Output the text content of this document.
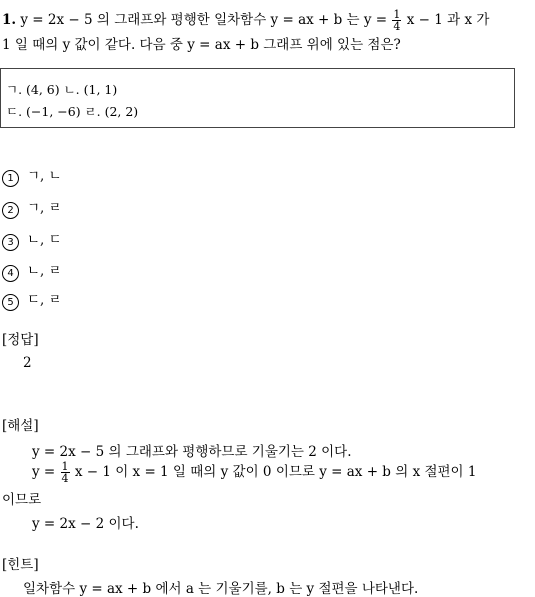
1. y = 2x − 5 의 그래프와 평행한 일차함수 y = ax + b 는 $y = \frac{1}{4}$ x − 1 과 x 가
1 일 때의 y 값이 같다. 다음 중 y = ax + b 그래프 위에 있는 점은?
ㄱ. (4, 6) ㄴ. (1, 1)
ㄷ. (−1, −6) ㄹ. (2, 2)
1 ㄱ, ㄴ
2 ㄱ, ㄹ
3 ㄴ, ㄷ
4 ㄴ, ㄹ
5 ㄷ, ㄹ
[정답]
2
[해설]
y = 2x − 5 의 그래프와 평행하므로 기울기는 2 이다.
$y = \frac{1}{4}$ x − 1 이 x = 1 일 때의 y 값이 0 이므로 y = ax + b 의 x 절편이 1
이므로
y = 2x − 2 이다.
[힌트]
일차함수 y = ax + b 에서 a 는 기울기를, b 는 y 절편을 나타낸다.
